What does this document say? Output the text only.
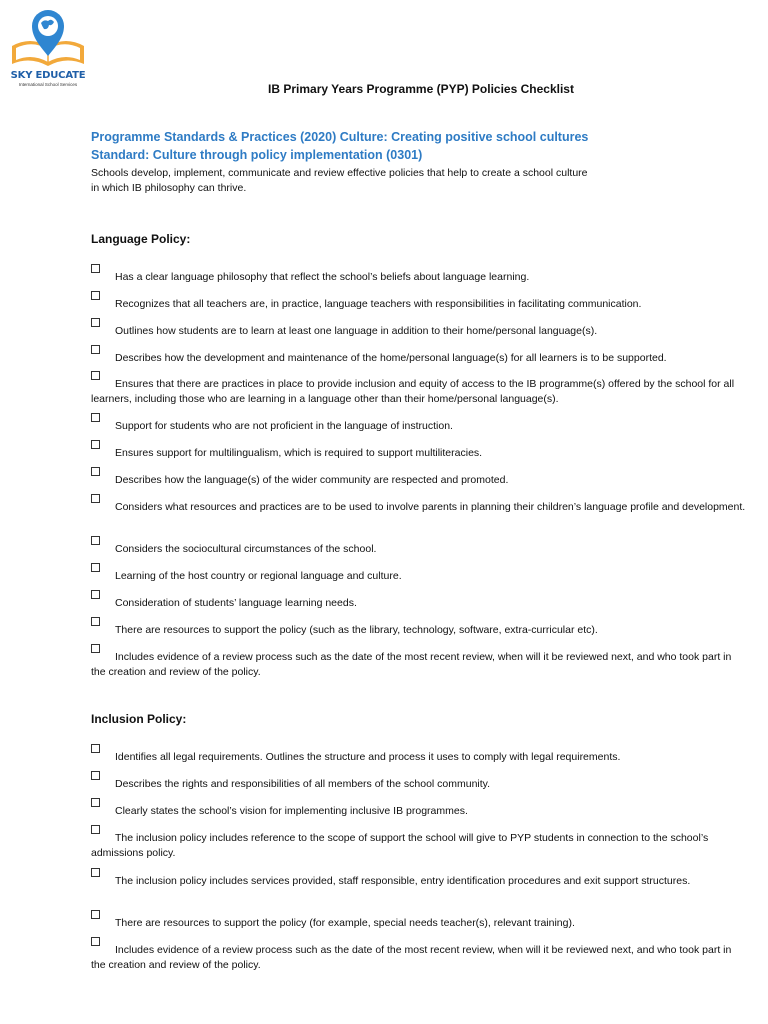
SKY EDUCATE
International School Services	IB Primary Years Programme (PYP) Policies Checklist
Programme Standards & Practices (2020) Culture: Creating positive school cultures
Standard: Culture through policy implementation (0301)
Schools develop, implement, communicate and review effective policies that help to create a school culture
in which IB philosophy can thrive.
Language Policy:
Has a clear language philosophy that reflect the school’s beliefs about language learning.
Recognizes that all teachers are, in practice, language teachers with responsibilities in facilitating communication.
Outlines how students are to learn at least one language in addition to their home/personal language(s).
Describes how the development and maintenance of the home/personal language(s) for all learners is to be supported.
Ensures that there are practices in place to provide inclusion and equity of access to the IB programme(s) offered by the school for all learners, including those who are learning in a language other than their home/personal language(s).
Support for students who are not proficient in the language of instruction.
Ensures support for multilingualism, which is required to support multiliteracies.
Describes how the language(s) of the wider community are respected and promoted.
Considers what resources and practices are to be used to involve parents in planning their children’s language profile and development.
Considers the sociocultural circumstances of the school.
Learning of the host country or regional language and culture.
Consideration of students’ language learning needs.
There are resources to support the policy (such as the library, technology, software, extra-curricular etc).
Includes evidence of a review process such as the date of the most recent review, when will it be reviewed next, and who took part in the creation and review of the policy.
Inclusion Policy:
Identifies all legal requirements. Outlines the structure and process it uses to comply with legal requirements.
Describes the rights and responsibilities of all members of the school community.
Clearly states the school’s vision for implementing inclusive IB programmes.
The inclusion policy includes reference to the scope of support the school will give to PYP students in connection to the school’s admissions policy.
The inclusion policy includes services provided, staff responsible, entry identification procedures and exit support structures.
There are resources to support the policy (for example, special needs teacher(s), relevant training).
Includes evidence of a review process such as the date of the most recent review, when will it be reviewed next, and who took part in the creation and review of the policy.
